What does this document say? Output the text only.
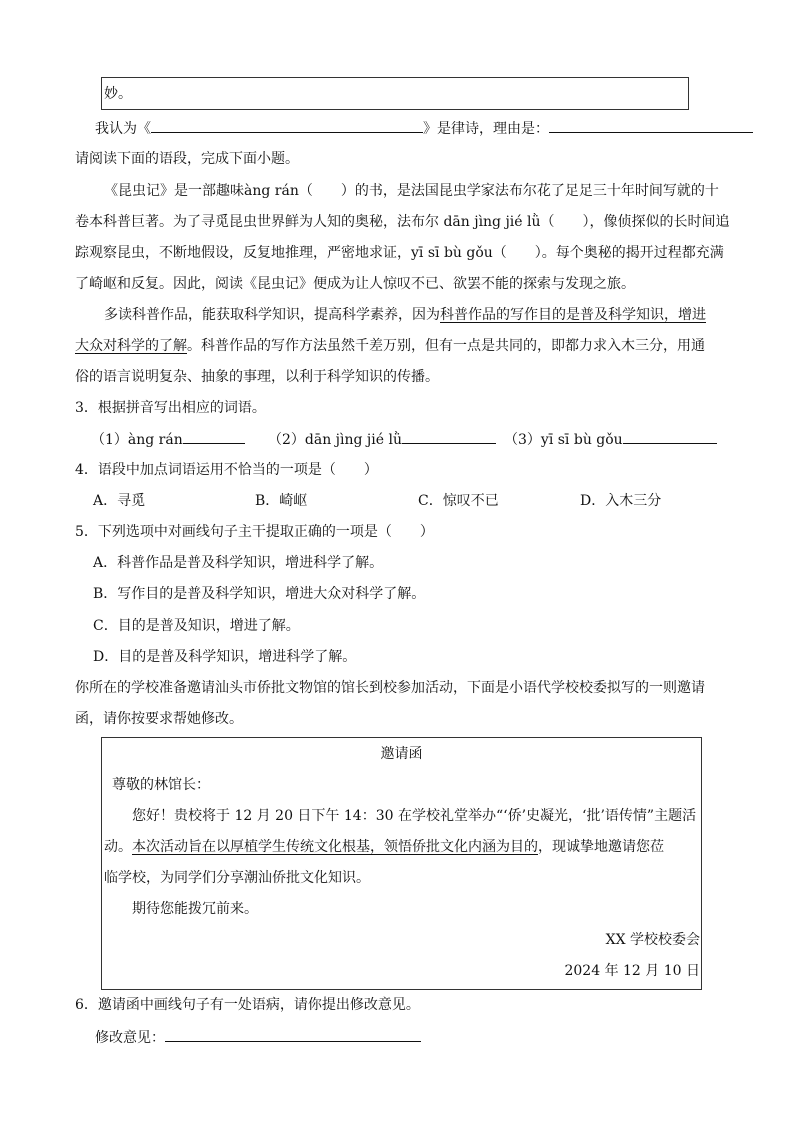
妙。
我认为《	》是律诗，理由是：
请阅读下面的语段，完成下面小题。
《昆虫记》是一部趣味àng rán（　　）的书，是法国昆虫学家法布尔花了足足三十年时间写就的十
卷本科普巨著。为了寻觅昆虫世界鲜为人知的奥秘，法布尔 dān jìng jié lǜ（　　），像侦探似的长时间追
踪观察昆虫，不断地假设，反复地推理，严密地求证，yī sī bù gǒu（　　）。每个奥秘的揭开过程都充满
了崎岖和反复。因此，阅读《昆虫记》便成为让人惊叹不已、欲罢不能的探索与发现之旅。
多读科普作品，能获取科学知识，提高科学素养，因为科普作品的写作目的是普及科学知识，增进
大众对科学的了解。科普作品的写作方法虽然千差万别，但有一点是共同的，即都力求入木三分，用通
俗的语言说明复杂、抽象的事理，以利于科学知识的传播。
3．根据拼音写出相应的词语。
（1）àng rán	（2）dān jìng jié lǜ	（3）yī sī bù gǒu
4．语段中加点词语运用不恰当的一项是（　　）
A．寻觅	B．崎岖	C．惊叹不已	D．入木三分
5．下列选项中对画线句子主干提取正确的一项是（　　）
A．科普作品是普及科学知识，增进科学了解。
B．写作目的是普及科学知识，增进大众对科学了解。
C．目的是普及知识，增进了解。
D．目的是普及科学知识，增进科学了解。
你所在的学校准备邀请汕头市侨批文物馆的馆长到校参加活动，下面是小语代学校校委拟写的一则邀请
函，请你按要求帮她修改。
邀请函
尊敬的林馆长：
您好！贵校将于 12 月 20 日下午 14：30 在学校礼堂举办“‘侨’史凝光，‘批’语传情”主题活
动。本次活动旨在以厚植学生传统文化根基，领悟侨批文化内涵为目的，现诚挚地邀请您莅
临学校，为同学们分享潮汕侨批文化知识。
期待您能拨冗前来。
XX 学校校委会
2024 年 12 月 10 日
6．邀请函中画线句子有一处语病，请你提出修改意见。
修改意见：
